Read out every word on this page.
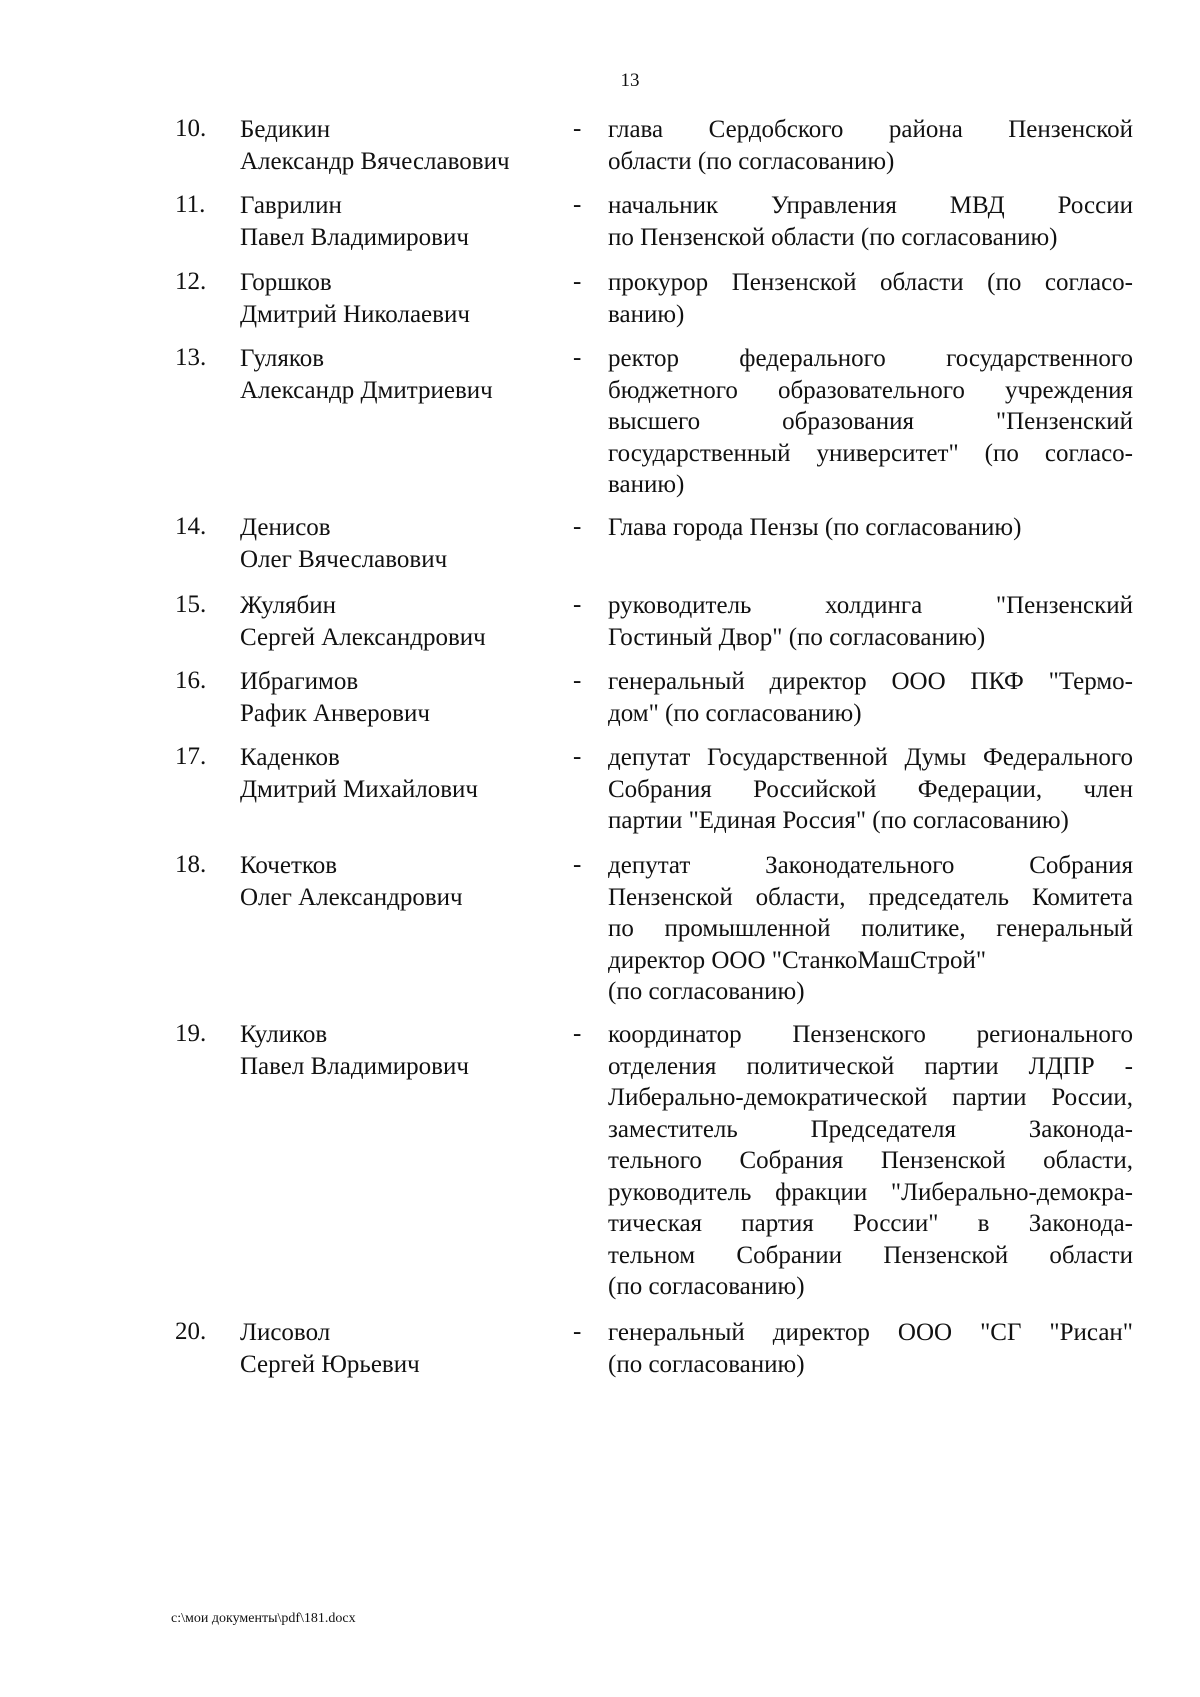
13
10. Бедикин
Александр Вячеславович
- глава Сердобского района Пензенской
области (по согласованию)
11. Гаврилин
Павел Владимирович
- начальник Управления МВД России
по Пензенской области (по согласованию)
12. Горшков
Дмитрий Николаевич
- прокурор Пензенской области (по согласо-
ванию)
13. Гуляков
Александр Дмитриевич
- ректор федерального государственного
бюджетного образовательного учреждения
высшего образования "Пензенский
государственный университет" (по согласо-
ванию)
14. Денисов
Олег Вячеславович
- Глава города Пензы (по согласованию)
15. Жулябин
Сергей Александрович
- руководитель холдинга "Пензенский
Гостиный Двор" (по согласованию)
16. Ибрагимов
Рафик Анверович
- генеральный директор ООО ПКФ "Термо-
дом" (по согласованию)
17. Каденков
Дмитрий Михайлович
- депутат Государственной Думы Федерального
Собрания Российской Федерации, член
партии "Единая Россия" (по согласованию)
18. Кочетков
Олег Александрович
- депутат Законодательного Собрания
Пензенской области, председатель Комитета
по промышленной политике, генеральный
директор ООО "СтанкоМашСтрой"
(по согласованию)
19. Куликов
Павел Владимирович
- координатор Пензенского регионального
отделения политической партии ЛДПР -
Либерально-демократической партии России,
заместитель Председателя Законода-
тельного Собрания Пензенской области,
руководитель фракции "Либерально-демокра-
тическая партия России" в Законода-
тельном Собрании Пензенской области
(по согласованию)
20. Лисовол
Сергей Юрьевич
- генеральный директор ООО "СГ "Рисан"
(по согласованию)
c:\мои документы\pdf\181.docx
